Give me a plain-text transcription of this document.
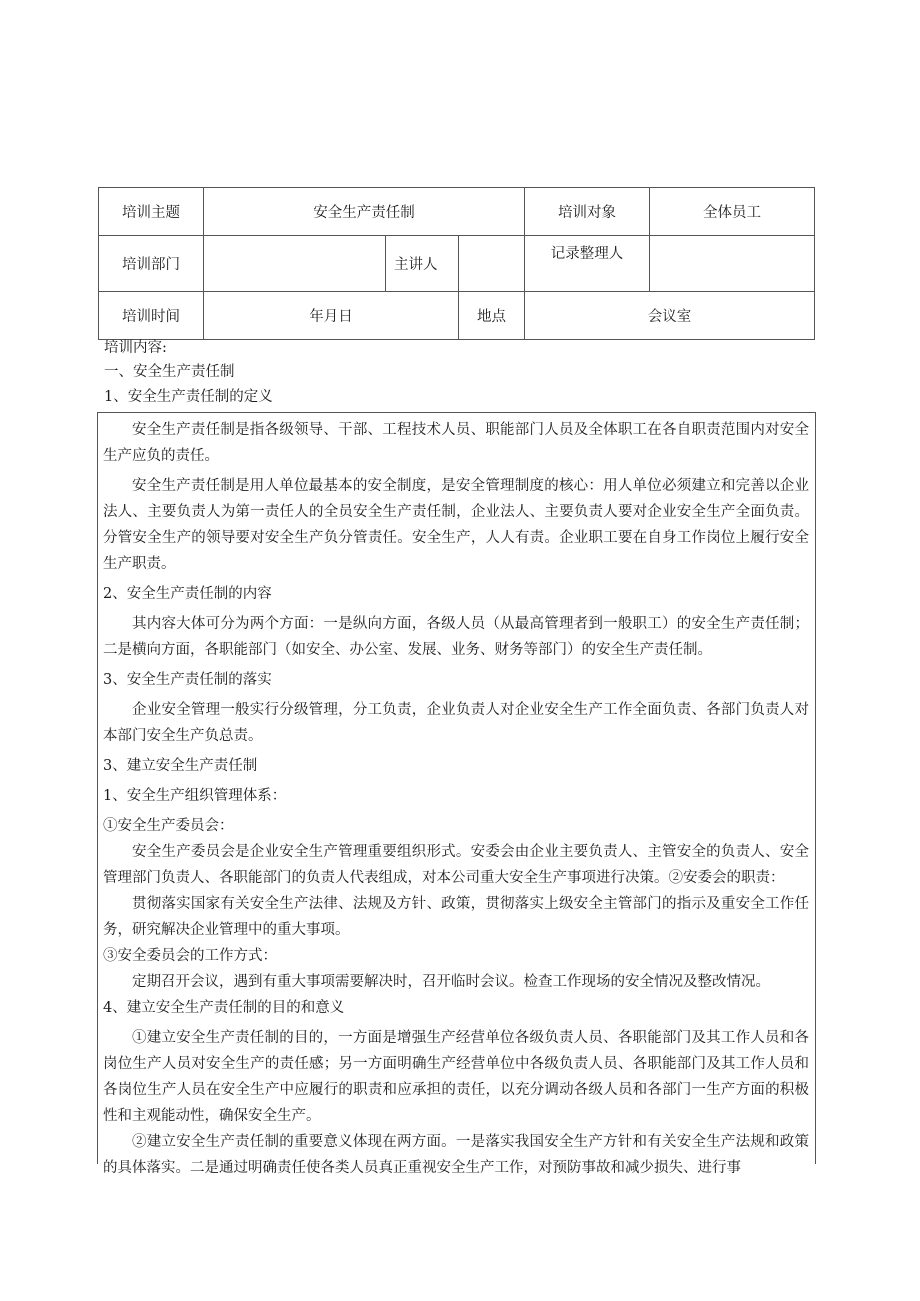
培训主题	安全生产责任制			培训对象	全体员工
培训部门		主讲人		记录整理人	
培训时间	年月日		地点	会议室	
培训内容:
一、安全生产责任制
1、安全生产责任制的定义

安全生产责任制是指各级领导、干部、工程技术人员、职能部门人员及全体职工在各自职责范围内对安全生产应负的责任。

安全生产责任制是用人单位最基本的安全制度，是安全管理制度的核心：用人单位必须建立和完善以企业法人、主要负责人为第一责任人的全员安全生产责任制，企业法人、主要负责人要对企业安全生产全面负责。分管安全生产的领导要对安全生产负分管责任。安全生产，人人有责。企业职工要在自身工作岗位上履行安全生产职责。

2、安全生产责任制的内容

其内容大体可分为两个方面：一是纵向方面，各级人员（从最高管理者到一般职工）的安全生产责任制；二是横向方面，各职能部门（如安全、办公室、发展、业务、财务等部门）的安全生产责任制。

3、安全生产责任制的落实

企业安全管理一般实行分级管理，分工负责，企业负责人对企业安全生产工作全面负责、各部门负责人对本部门安全生产负总责。

3、建立安全生产责任制

1、安全生产组织管理体系：

①安全生产委员会：

安全生产委员会是企业安全生产管理重要组织形式。安委会由企业主要负责人、主管安全的负责人、安全管理部门负责人、各职能部门的负责人代表组成，对本公司重大安全生产事项进行决策。②安委会的职责：

贯彻落实国家有关安全生产法律、法规及方针、政策，贯彻落实上级安全主管部门的指示及重安全工作任务，研究解决企业管理中的重大事项。

③安全委员会的工作方式：

定期召开会议，遇到有重大事项需要解决时，召开临时会议。检查工作现场的安全情况及整改情况。

4、建立安全生产责任制的目的和意义

①建立安全生产责任制的目的，一方面是增强生产经营单位各级负责人员、各职能部门及其工作人员和各岗位生产人员对安全生产的责任感；另一方面明确生产经营单位中各级负责人员、各职能部门及其工作人员和各岗位生产人员在安全生产中应履行的职责和应承担的责任，以充分调动各级人员和各部门一生产方面的积极性和主观能动性，确保安全生产。

②建立安全生产责任制的重要意义体现在两方面。一是落实我国安全生产方针和有关安全生产法规和政策的具体落实。二是通过明确责任使各类人员真正重视安全生产工作，对预防事故和减少损失、进行事
